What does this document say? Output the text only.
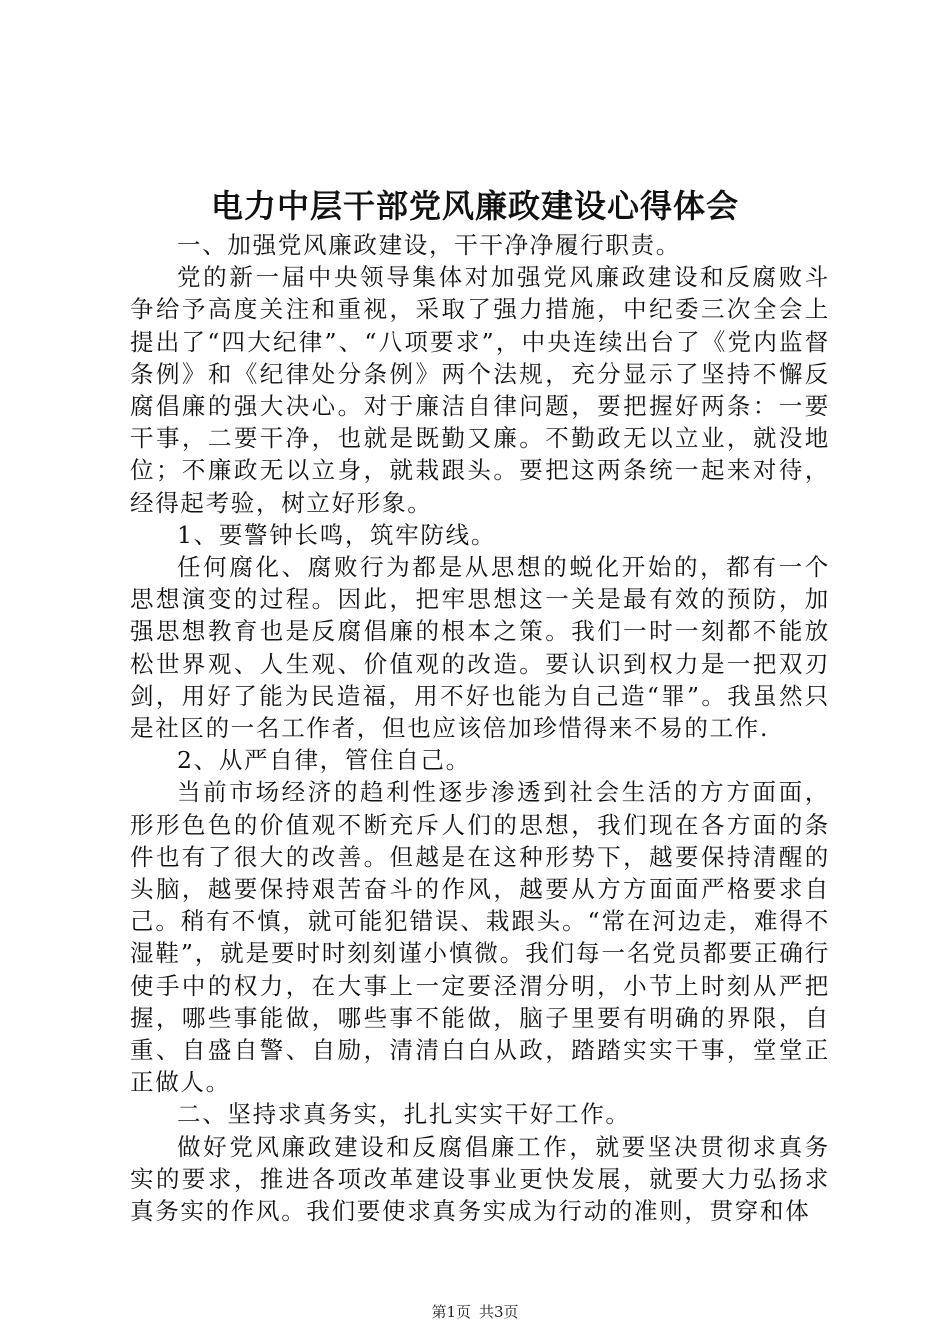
电力中层干部党风廉政建设心得体会

一、加强党风廉政建设，干干净净履行职责。

党的新一届中央领导集体对加强党风廉政建设和反腐败斗争给予高度关注和重视，采取了强力措施，中纪委三次全会上提出了“四大纪律”、“八项要求”，中央连续出台了《党内监督条例》和《纪律处分条例》两个法规，充分显示了坚持不懈反腐倡廉的强大决心。对于廉洁自律问题，要把握好两条：一要干事，二要干净，也就是既勤又廉。不勤政无以立业，就没地位；不廉政无以立身，就栽跟头。要把这两条统一起来对待，经得起考验，树立好形象。

1、要警钟长鸣，筑牢防线。

任何腐化、腐败行为都是从思想的蜕化开始的，都有一个思想演变的过程。因此，把牢思想这一关是最有效的预防，加强思想教育也是反腐倡廉的根本之策。我们一时一刻都不能放松世界观、人生观、价值观的改造。要认识到权力是一把双刃剑，用好了能为民造福，用不好也能为自己造“罪”。我虽然只是社区的一名工作者，但也应该倍加珍惜得来不易的工作.

2、从严自律，管住自己。

当前市场经济的趋利性逐步渗透到社会生活的方方面面，形形色色的价值观不断充斥人们的思想，我们现在各方面的条件也有了很大的改善。但越是在这种形势下，越要保持清醒的头脑，越要保持艰苦奋斗的作风，越要从方方面面严格要求自己。稍有不慎，就可能犯错误、栽跟头。“常在河边走，难得不湿鞋”，就是要时时刻刻谨小慎微。我们每一名党员都要正确行使手中的权力，在大事上一定要泾渭分明，小节上时刻从严把握，哪些事能做，哪些事不能做，脑子里要有明确的界限，自重、自盛自警、自励，清清白白从政，踏踏实实干事，堂堂正正做人。

二、坚持求真务实，扎扎实实干好工作。

做好党风廉政建设和反腐倡廉工作，就要坚决贯彻求真务实的要求，推进各项改革建设事业更快发展，就要大力弘扬求真务实的作风。我们要使求真务实成为行动的准则，贯穿和体

第1页 共3页
